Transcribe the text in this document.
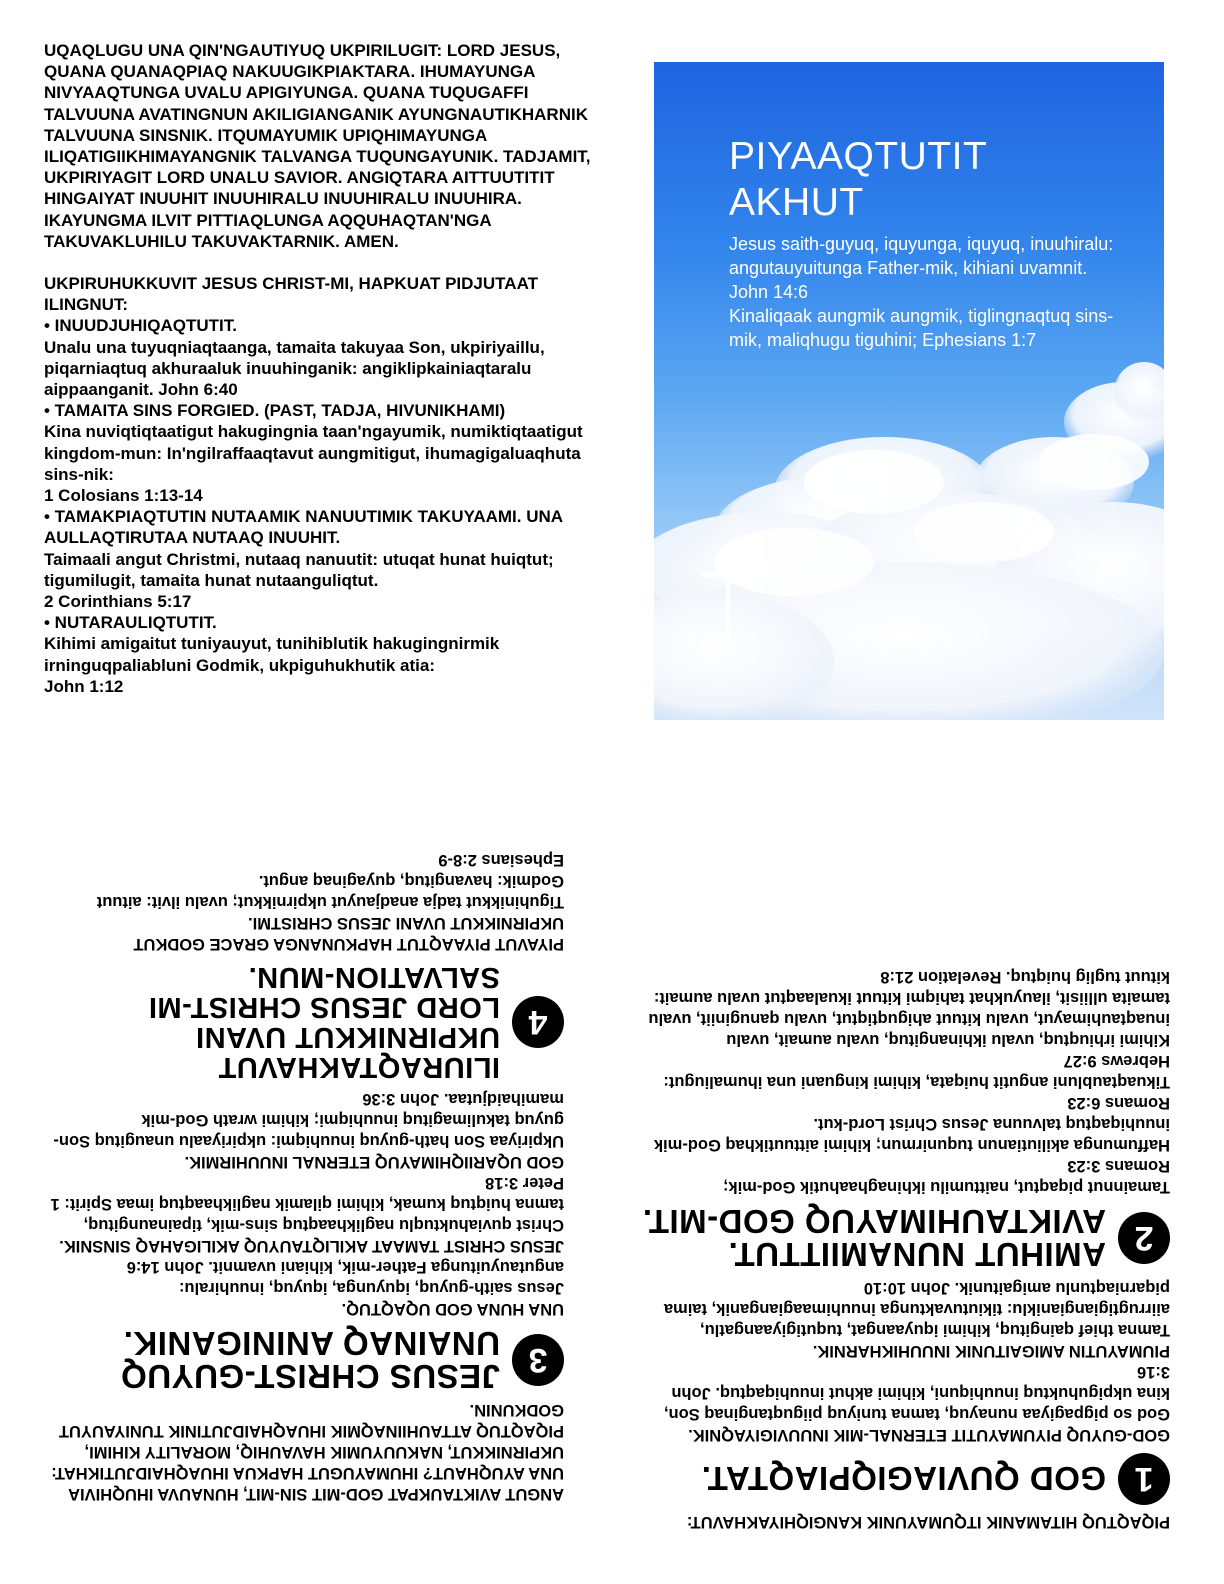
UQAQLUGU UNA QIN'NGAUTIYUQ UKPIRILUGIT: LORD JESUS, QUANA QUANAQPIAQ NAKUUGIKPIAKTARA. IHUMAYUNGA NIVYAAQTUNGA UVALU APIGIYUNGA. QUANA TUQUGAFFI TALVUUNA AVATINGNUN AKILIGIANGANIK AYUNGNAUTIKHARNIK TALVUUNA SINSNIK. ITQUMAYUMIK UPIQHIMAYUNGA ILIQATIGIIKHIMAYANGNIK TALVANGA TUQUNGAYUNIK. TADJAMIT, UKPIRIYAGIT LORD UNALU SAVIOR. ANGIQTARA AITTUUTITIT HINGAIYAT INUUHIT INUUHIRALU INUUHIRALU INUUHIRA. IKAYUNGMA ILVIT PITTIAQLUNGA AQQUHAQTAN'NGA TAKUVAKLUHILU TAKUVAKTARNIK. AMEN.

UKPIRUHUKKUVIT JESUS CHRIST-MI, HAPKUAT PIDJUTAAT ILINGNUT:

• INUUDJUHIQAQTUTIT.

Unalu una tuyuqniaqtaanga, tamaita takuyaa Son, ukpiriyaillu, piqarniaqtuq akhuraaluk inuuhinganik: angiklipkainiaqtaralu aippaanganit. John 6:40

• TAMAITA SINS FORGIED. (PAST, TADJA, HIVUNIKHAMI)

Kina nuviqtiqtaatigut hakugingnia taan'ngayumik, numiktiqtaatigut kingdom-mun: In'ngilraffaaqtavut aungmitigut, ihumagigaluaqhuta sins-nik:

1 Colosians 1:13-14

• TAMAKPIAQTUTIN NUTAAMIK NANUUTIMIK TAKUYAAMI. UNA AULLAQTIRUTAA NUTAAQ INUUHIT.

Taimaali angut Christmi, nutaaq nanuutit: utuqat hunat huiqtut; tigumilugit, tamaita hunat nutaanguliqtut.

2 Corinthians 5:17

• NUTARAULIQTUTIT.

Kihimi amigaitut tuniyauyut, tunihiblutik hakugingnirmik irninguqpaliabluni Godmik, ukpiguhukhutik atia:

John 1:12

PIYAAQTUTIT
AKHUT

Jesus saith-guyuq, iquyunga, iquyuq, inuuhiralu: angutauyuitunga Father-mik, kihiani uvamnit. John 14:6

Kinaliqaak aungmik aungmik, tiglingnaqtuq sins-mik, maliqhugu tiguhini; Ephesians 1:7

ANGUT AVIKTAUKPAT GOD-MIT SIN-MIT, HUNAUVA IHUQHIVIA UNA AYUQHAUT? IHUMAYUGUT HAPKUA IHUAQHAIDJUTIKHAT:

UKPIRNIKKUT, NAKUUYUMIK HAVAUHIQ, MORALITY KIHIMI, PIQAQTUQ ATTAUHIINAQMIK IHUAQHAIDJUTINIK TUNIYAUYUT GODKUNIN.

3
JESUS CHRIST-GUYUQ
UNAINAQ ANINIGANIK.

UNA HUNA GOD UQAQTUQ.

Jesus saith-guyuq, iquyunga, iquyuq, inuuhiralu: angutauyuitunga Father-mik, kihiani uvamnit. John 14:6

JESUS CHRIST TAMAAT AKILIQTAUYUQ AKILIGAHAQ SINSNIK.

Christ quviahuktuqlu naglikhaaqtuq sins-mik, tipainaungituq, tamna huiqtuq kumak, kihimi qilamik naglikhaaqtuq imaa Spirit: 1 Peter 3:18

GOD UQARIIQHIMAYUQ ETERNAL INUUHIRMIK.

Ukpiriyaa Son hath-guyuq inuuhiqmi: ukpiriyaalu unaugituq Son-guyuq takulimagituq inuuhiqmi; kihimi wrath God-mik mamihaidjutaa. John 3:36

4
ILIURAQTAKHAVUT UKPIRNIKKUT UVANI
LORD JESUS CHRIST-MI SALVATION-MUN.

PIYAVUT PIYAAQTUT HAPKUNANGA GRACE GODKUT UKPIRNIKKUT UVANI JESUS CHRISTMI.

Tiguhinikkut tadja anadjauyut ukpirnikkut; uvalu ilvit: aituut Godmik: havangituq, quyaginaq angut.

Ephesians 2:8-9

PIQAQTUQ HITAMANIK ITQUMAYUNIK KANGIQHIYAKHAVUT:

1
GOD QUVIAGIQPIAQTAT.

GOD-GUYUQ PIYUMAYUTIT ETERNAL-MIK INUUVIGIYAQNIK.

God so pigpagiyaa nunayuq, tamna tuniyuq piiguqtanginaq Son, kina ukpiguhuktuq inuuhiquni, kihimi akhut inuuhiqaqtuq. John 3:16

PIUMAYUTIN AMIGAITUNIK INUUHIKHARNIK.

Tamna thief qaingituq, kihimi iquyaangat, tuqutigiyaangatlu, aiirrugtigiangianiklu: tikiutuvaktunga inuuhimaagianganik, taima piqarniaqtunlu amigaitunik. John 10:10

2
AMIHUT NUNAMIITTUT.
AVIKTAUHIMAYUQ GOD-MIT.

Tamainnut piqaqtut, naittumilu ikhinaghaahutik God-mik;

Romans 3:23

Haffumunga akiliutianun tuqunirmun; kihimi aittuutikhaq God-mik inuuhiqaqtuq talvuuna Jesus Christ Lord-kut.

Romans 6:23

Tikuaqtaubluni angutit huiqata, kihimi kinguani una ihumaliugut: Hebrews 9:27

Kihimi irhiuqtuq, uvalu ikhinangituq, uvalu aumait, uvalu inuaqtauhimayut, uvalu kituut ahiguqtiqtut, uvalu qanuginiit, uvalu tamaita ulliisit, ilauyukhat tahiqmi kituut ikualaaqtut uvalu aumait: kituut tuglig huiqtuq. Revelation 21:8
